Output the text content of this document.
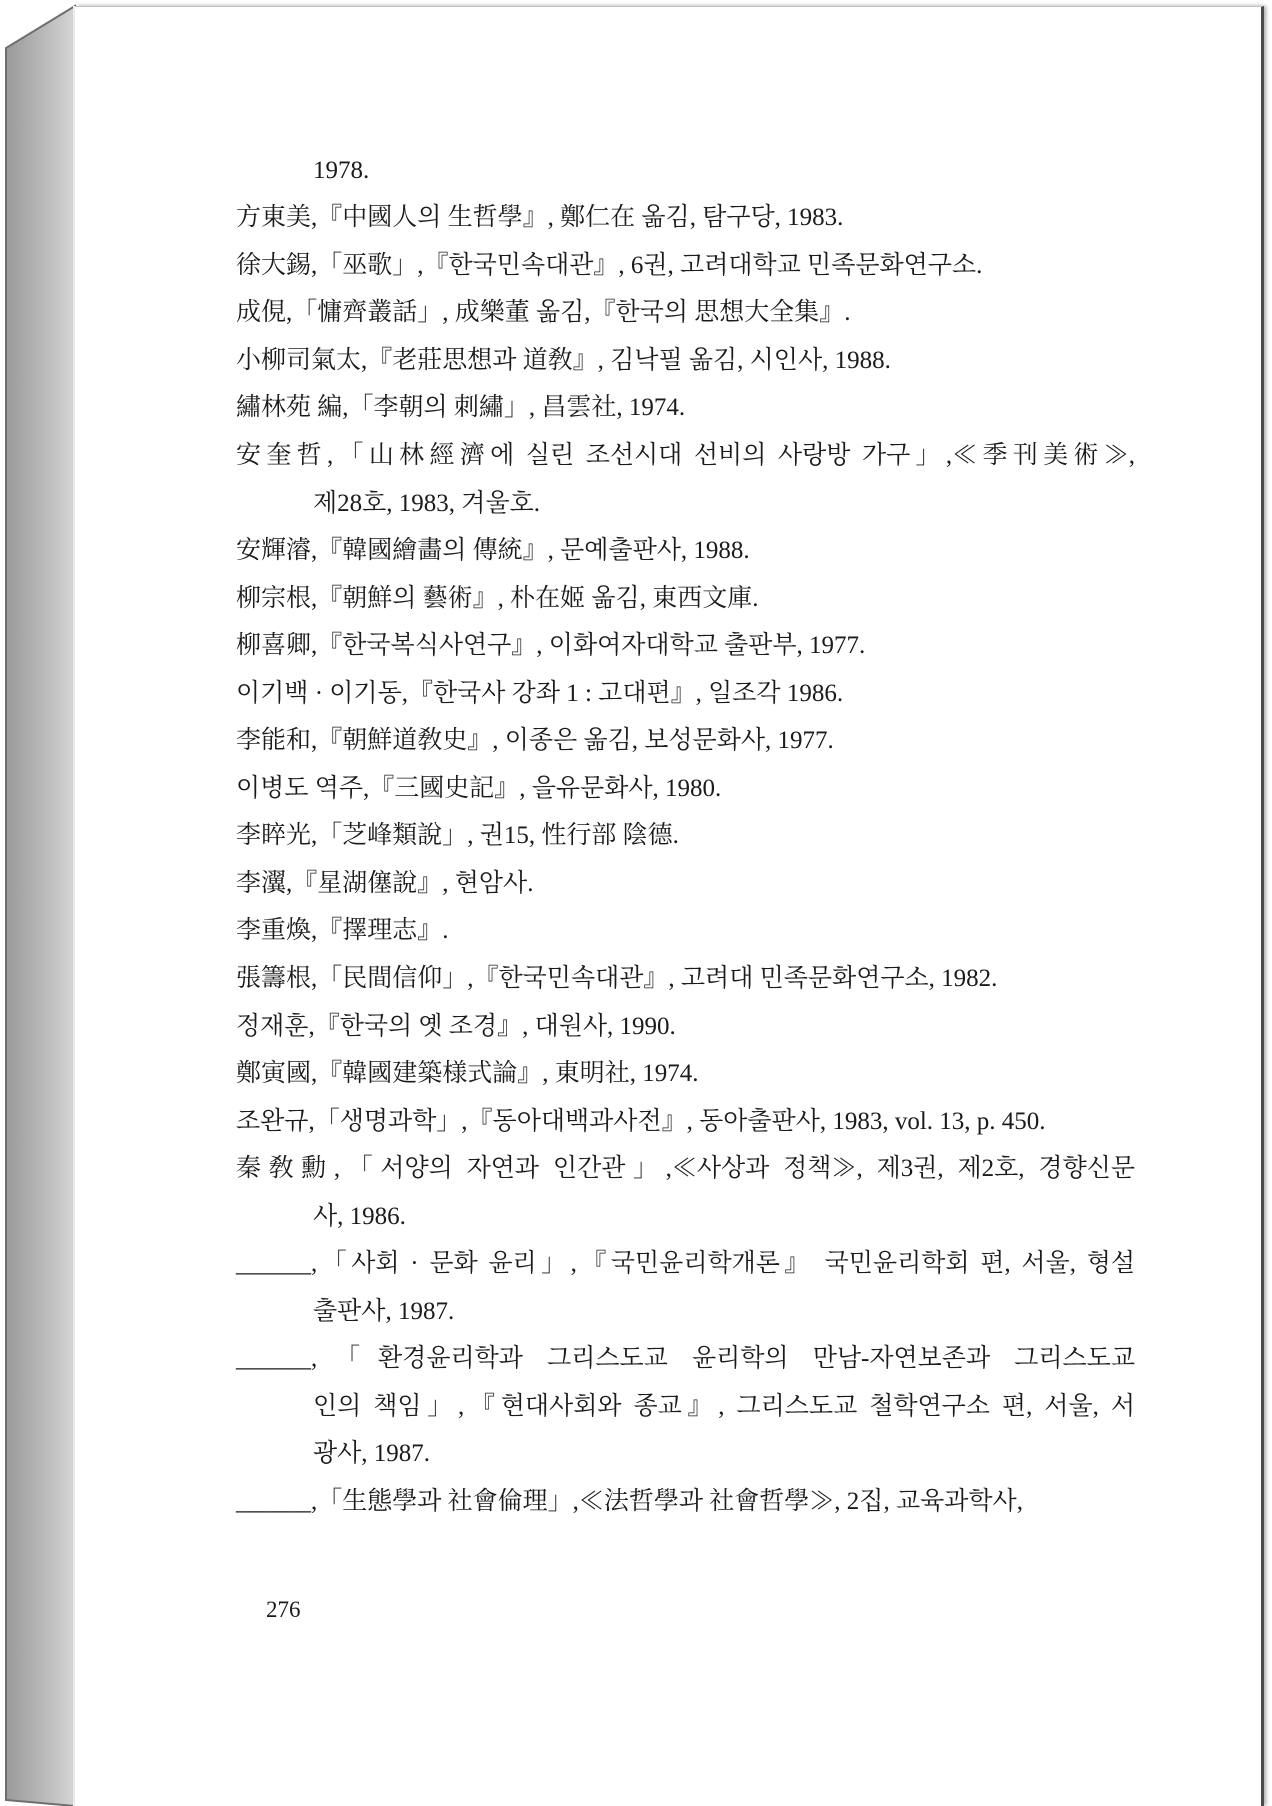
1978.
方東美,『中國人의 生哲學』, 鄭仁在 옮김, 탐구당, 1983.
徐大錫,「巫歌」,『한국민속대관』, 6권, 고려대학교 민족문화연구소.
成俔,「慵齊叢話」, 成樂董 옮김,『한국의 思想大全集』.
小柳司氣太,『老莊思想과 道敎』, 김낙필 옮김, 시인사, 1988.
繡林苑 編,「李朝의 刺繡」, 昌雲社, 1974.
安奎哲,「山林經濟에 실린 조선시대 선비의 사랑방 가구」,≪季刊美術≫,
제28호, 1983, 겨울호.
安輝濬,『韓國繪畵의 傳統』, 문예출판사, 1988.
柳宗根,『朝鮮의 藝術』, 朴在姬 옮김, 東西文庫.
柳喜卿,『한국복식사연구』, 이화여자대학교 출판부, 1977.
이기백 · 이기동,『한국사 강좌 1 : 고대편』, 일조각 1986.
李能和,『朝鮮道敎史』, 이종은 옮김, 보성문화사, 1977.
이병도 역주,『三國史記』, 을유문화사, 1980.
李睟光,「芝峰類說」, 권15, 性行部 陰德.
李瀷,『星湖僿說』, 현암사.
李重煥,『擇理志』.
張籌根,「民間信仰」,『한국민속대관』, 고려대 민족문화연구소, 1982.
정재훈,『한국의 옛 조경』, 대원사, 1990.
鄭寅國,『韓國建築様式論』, 東明社, 1974.
조완규,「생명과학」,『동아대백과사전』, 동아출판사, 1983, vol. 13, p. 450.
秦敎勳,「서양의 자연과 인간관」,≪사상과 정책≫, 제3권, 제2호, 경향신문
사, 1986.
______,「사회 · 문화 윤리」,『국민윤리학개론』 국민윤리학회 편, 서울, 형설
출판사, 1987.
______,「환경윤리학과 그리스도교 윤리학의 만남-자연보존과 그리스도교
인의 책임」,『현대사회와 종교』, 그리스도교 철학연구소 편, 서울, 서
광사, 1987.
______,「生態學과 社會倫理」,≪法哲學과 社會哲學≫, 2집, 교육과학사,
276
